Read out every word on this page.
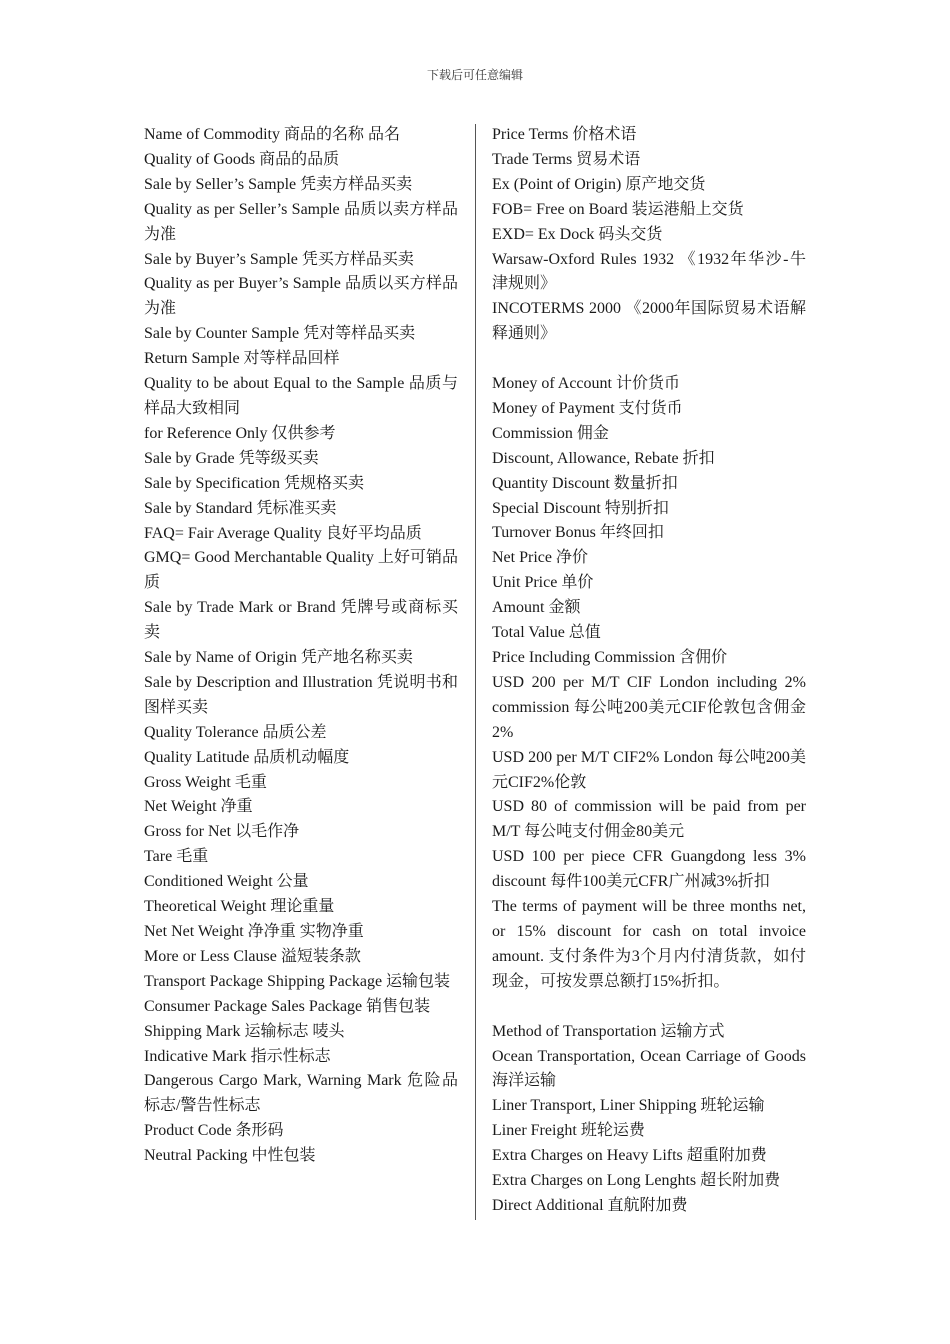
下载后可任意编辑

Name of Commodity 商品的名称 品名

Quality of Goods 商品的品质

Sale by Seller’s Sample 凭卖方样品买卖

Quality as per Seller’s Sample 品质以卖方样品为准

Sale by Buyer’s Sample 凭买方样品买卖

Quality as per Buyer’s Sample 品质以买方样品为准

Sale by Counter Sample 凭对等样品买卖

Return Sample 对等样品回样

Quality to be about Equal to the Sample 品质与样品大致相同

for Reference Only 仅供参考

Sale by Grade 凭等级买卖

Sale by Specification 凭规格买卖

Sale by Standard 凭标准买卖

FAQ= Fair Average Quality 良好平均品质

GMQ= Good Merchantable Quality 上好可销品质

Sale by Trade Mark or Brand 凭牌号或商标买卖

Sale by Name of Origin 凭产地名称买卖

Sale by Description and Illustration 凭说明书和图样买卖

Quality Tolerance 品质公差

Quality Latitude 品质机动幅度

Gross Weight 毛重

Net Weight 净重

Gross for Net 以毛作净

Tare 毛重

Conditioned Weight 公量

Theoretical Weight 理论重量

Net Net Weight 净净重 实物净重

More or Less Clause 溢短装条款

Transport Package Shipping Package 运输包装

Consumer Package Sales Package 销售包装

Shipping Mark 运输标志 唛头

Indicative Mark 指示性标志

Dangerous Cargo Mark, Warning Mark 危险品标志/警告性标志

Product Code 条形码

Neutral Packing 中性包装

Price Terms 价格术语

Trade Terms 贸易术语

Ex (Point of Origin) 原产地交货

FOB= Free on Board 装运港船上交货

EXD= Ex Dock 码头交货

Warsaw-Oxford Rules 1932 《1932年华沙-牛津规则》

INCOTERMS 2000 《2000年国际贸易术语解释通则》

Money of Account 计价货币

Money of Payment 支付货币

Commission 佣金

Discount, Allowance, Rebate 折扣

Quantity Discount 数量折扣

Special Discount 特别折扣

Turnover Bonus 年终回扣

Net Price 净价

Unit Price 单价

Amount 金额

Total Value 总值

Price Including Commission 含佣价

USD 200 per M/T CIF London including 2% commission 每公吨200美元CIF伦敦包含佣金2%

USD 200 per M/T CIF2% London 每公吨200美元CIF2%伦敦

USD 80 of commission will be paid from per M/T 每公吨支付佣金80美元

USD 100 per piece CFR Guangdong less 3% discount 每件100美元CFR广州减3%折扣

The terms of payment will be three months net, or 15% discount for cash on total invoice amount. 支付条件为3个月内付清货款，如付现金，可按发票总额打15%折扣。

Method of Transportation 运输方式

Ocean Transportation, Ocean Carriage of Goods 海洋运输

Liner Transport, Liner Shipping 班轮运输

Liner Freight 班轮运费

Extra Charges on Heavy Lifts 超重附加费

Extra Charges on Long Lenghts 超长附加费

Direct Additional 直航附加费
